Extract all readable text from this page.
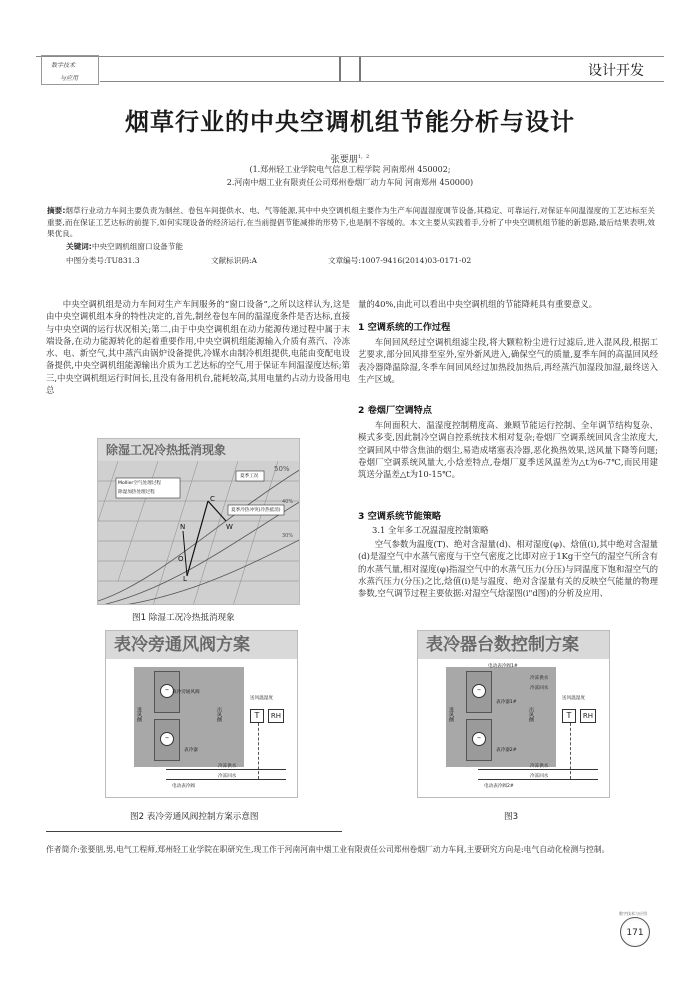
数字技术
与应用	设计开发
烟草行业的中央空调机组节能分析与设计
张要朋$^{1,2}$
(1.郑州轻工业学院电气信息工程学院 河南郑州 450002;
2.河南中烟工业有限责任公司郑州卷烟厂动力车间 河南郑州 450000)
摘要:烟草行业动力车间主要负责为制丝、卷包车间提供水、电、气等能源,其中中央空调机组主要作为生产车间温湿度调节设备,其稳定、可靠运行,对保证车间温湿度的工艺达标至关重要,而在保证工艺达标的前提下,如何实现设备的经济运行,在当前提倡节能减排的形势下,也是制不容缓的。本文主要从实践着手,分析了中央空调机组节能的新思路,最后结果表明,效果优良。
关键词:中央空调机组窗口设备节能
中图分类号:TU831.3	文献标识码:A	文章编号:1007-9416(2014)03-0171-02
中央空调机组是动力车间对生产车间服务的“窗口设备”,之所以这样认为,这是由中央空调机组本身的特性决定的,首先,制丝卷包车间的温湿度条件是否达标,直接与中央空调的运行状况相关;第二,由于中央空调机组在动力能源传递过程中属于末端设备,在动力能源转化的起着重要作用,中央空调机组能源输入介质有蒸汽、冷冻水、电、新空气,其中蒸汽由锅炉设备提供,冷媒水由制冷机组提供,电能由变配电设备提供,中央空调机组能源输出介质为工艺达标的空气,用于保证车间温湿度达标;第三,中央空调机组运行时间长,且没有备用机台,能耗较高,其用电量约占动力设备用电总
量的40%,由此可以看出中央空调机组的节能降耗具有重要意义。
1 空调系统的工作过程
车间回风经过空调机组滤尘段,将大颗粒粉尘进行过滤后,进入混风段,根据工艺要求,部分回风排至室外,室外新风进入,确保空气的质量,夏季车间的高温回风经表冷器降温除湿,冬季车间回风经过加热段加热后,再经蒸汽加湿段加湿,最终送入生产区域。
2 卷烟厂空调特点
车间面积大、温湿度控制精度高、兼顾节能运行控制、全年调节结构复杂、模式多变,因此制冷空调自控系统技术相对复杂;卷烟厂空调系统回风含尘浓度大,空调回风中带含焦油的烟尘,易造成堵塞表冷器,恶化换热效果,送风量下降等问题;卷烟厂空调系统风量大,小焓差特点,卷烟厂夏季送风温差为△t为6-7℃,而民用建筑送分温差△t为10-15℃。
3 空调系统节能策略
3.1 全年多工况温湿度控制策略
空气参数为温度(T)、绝对含湿量(d)、相对湿度(φ)、焓值(i),其中绝对含湿量(d)是湿空气中水蒸气密度与干空气密度之比即对应于1Kg干空气的湿空气所含有的水蒸气量,相对湿度(φ)指湿空气中的水蒸气压力(分压)与同温度下饱和湿空气的水蒸汽压力(分压)之比,焓值(i)是与温度、绝对含湿量有关的反映空气能量的物理参数,空气调节过程主要依据:对湿空气焓湿图(i"d图)的分析及应用、
除湿工况冷热抵消现象
50%
40%
30%
Mollier空气处理过程
除湿加热处理过程
夏季工况
夏季冷热冲突(冷热抵消)
C
N	W
O
L
图1 除湿工况冷热抵消现象
表冷旁通风阀方案
–
–
表冷旁通风阀
进风侧	出风侧
表冷器
送风温湿度
T	RH
冷冻供水
冷冻回水
电动表冷阀
图2 表冷旁通风阀控制方案示意图
表冷器台数控制方案
–
–
电动表冷阀1#
冷冻供水
冷冻回水
表冷器1#
进风侧	出风侧
表冷器2#
送风温湿度
T	RH
冷冻供水
冷冻回水
电动表冷阀2#
图3
作者简介:张要朋,男,电气工程师,郑州轻工业学院在职研究生,现工作于河南河南中烟工业有限责任公司郑州卷烟厂动力车间,主要研究方向是:电气自动化检测与控制。
171
数字技术与应用
